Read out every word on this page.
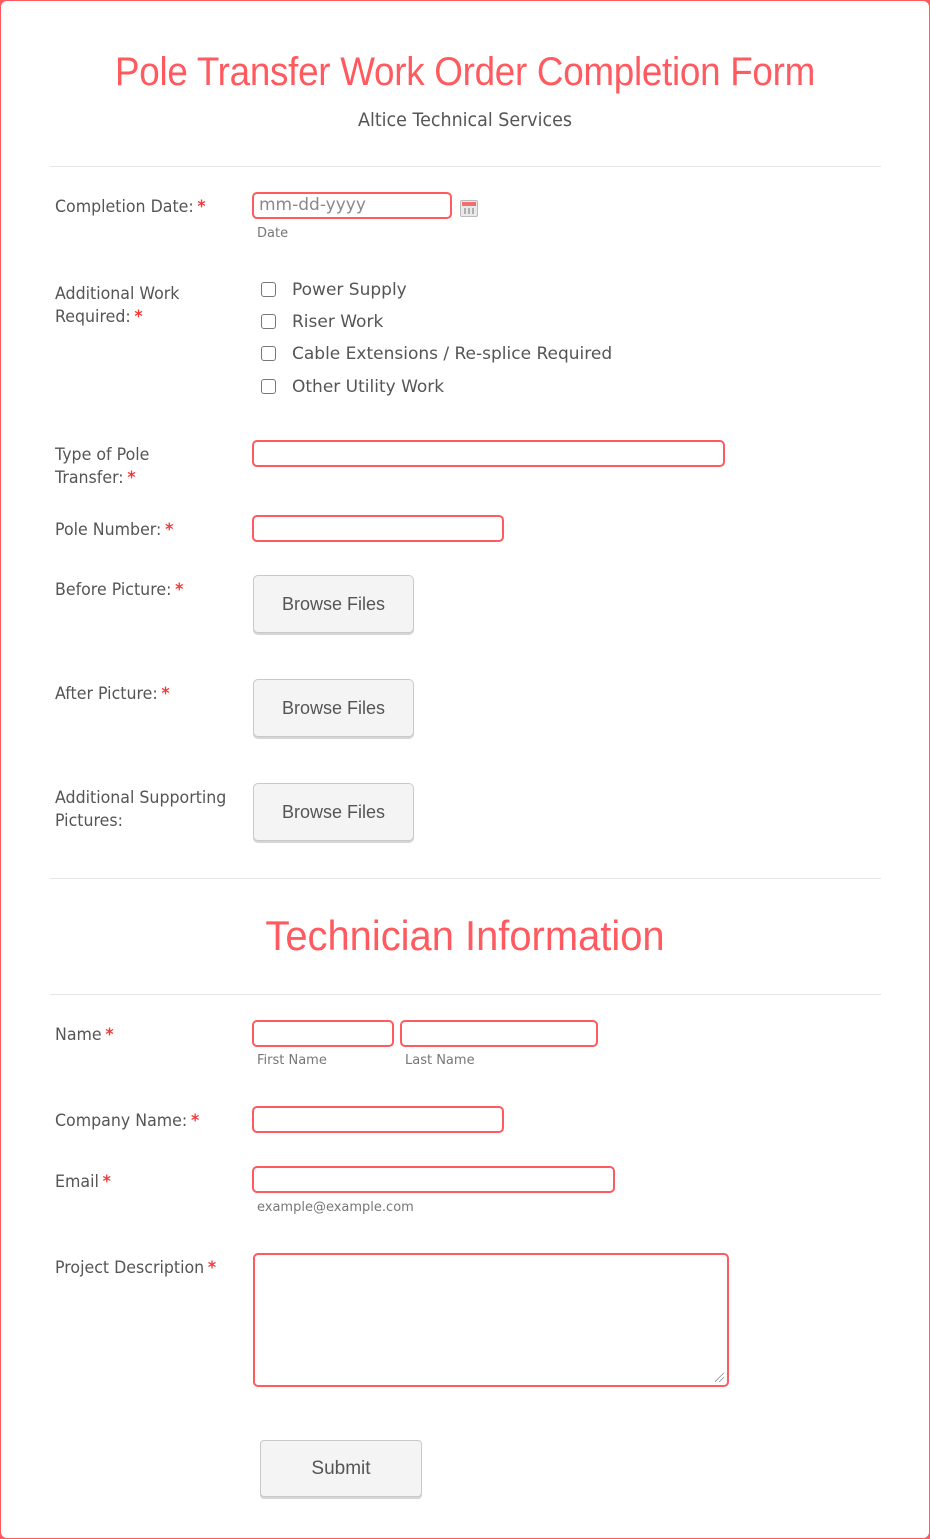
Pole Transfer Work Order Completion Form
Altice Technical Services
Completion Date: *	mm-dd-yyyy
Date
Additional Work
Required: *
Power Supply
Riser Work
Cable Extensions / Re-splice Required
Other Utility Work
Type of Pole
Transfer: *
Pole Number: *
Before Picture: *
Browse Files
After Picture: *
Browse Files
Additional Supporting
Pictures:	Browse Files
Technician Information
Name *
First Name	Last Name
Company Name: *
Email *
example@example.com
Project Description *
Submit
